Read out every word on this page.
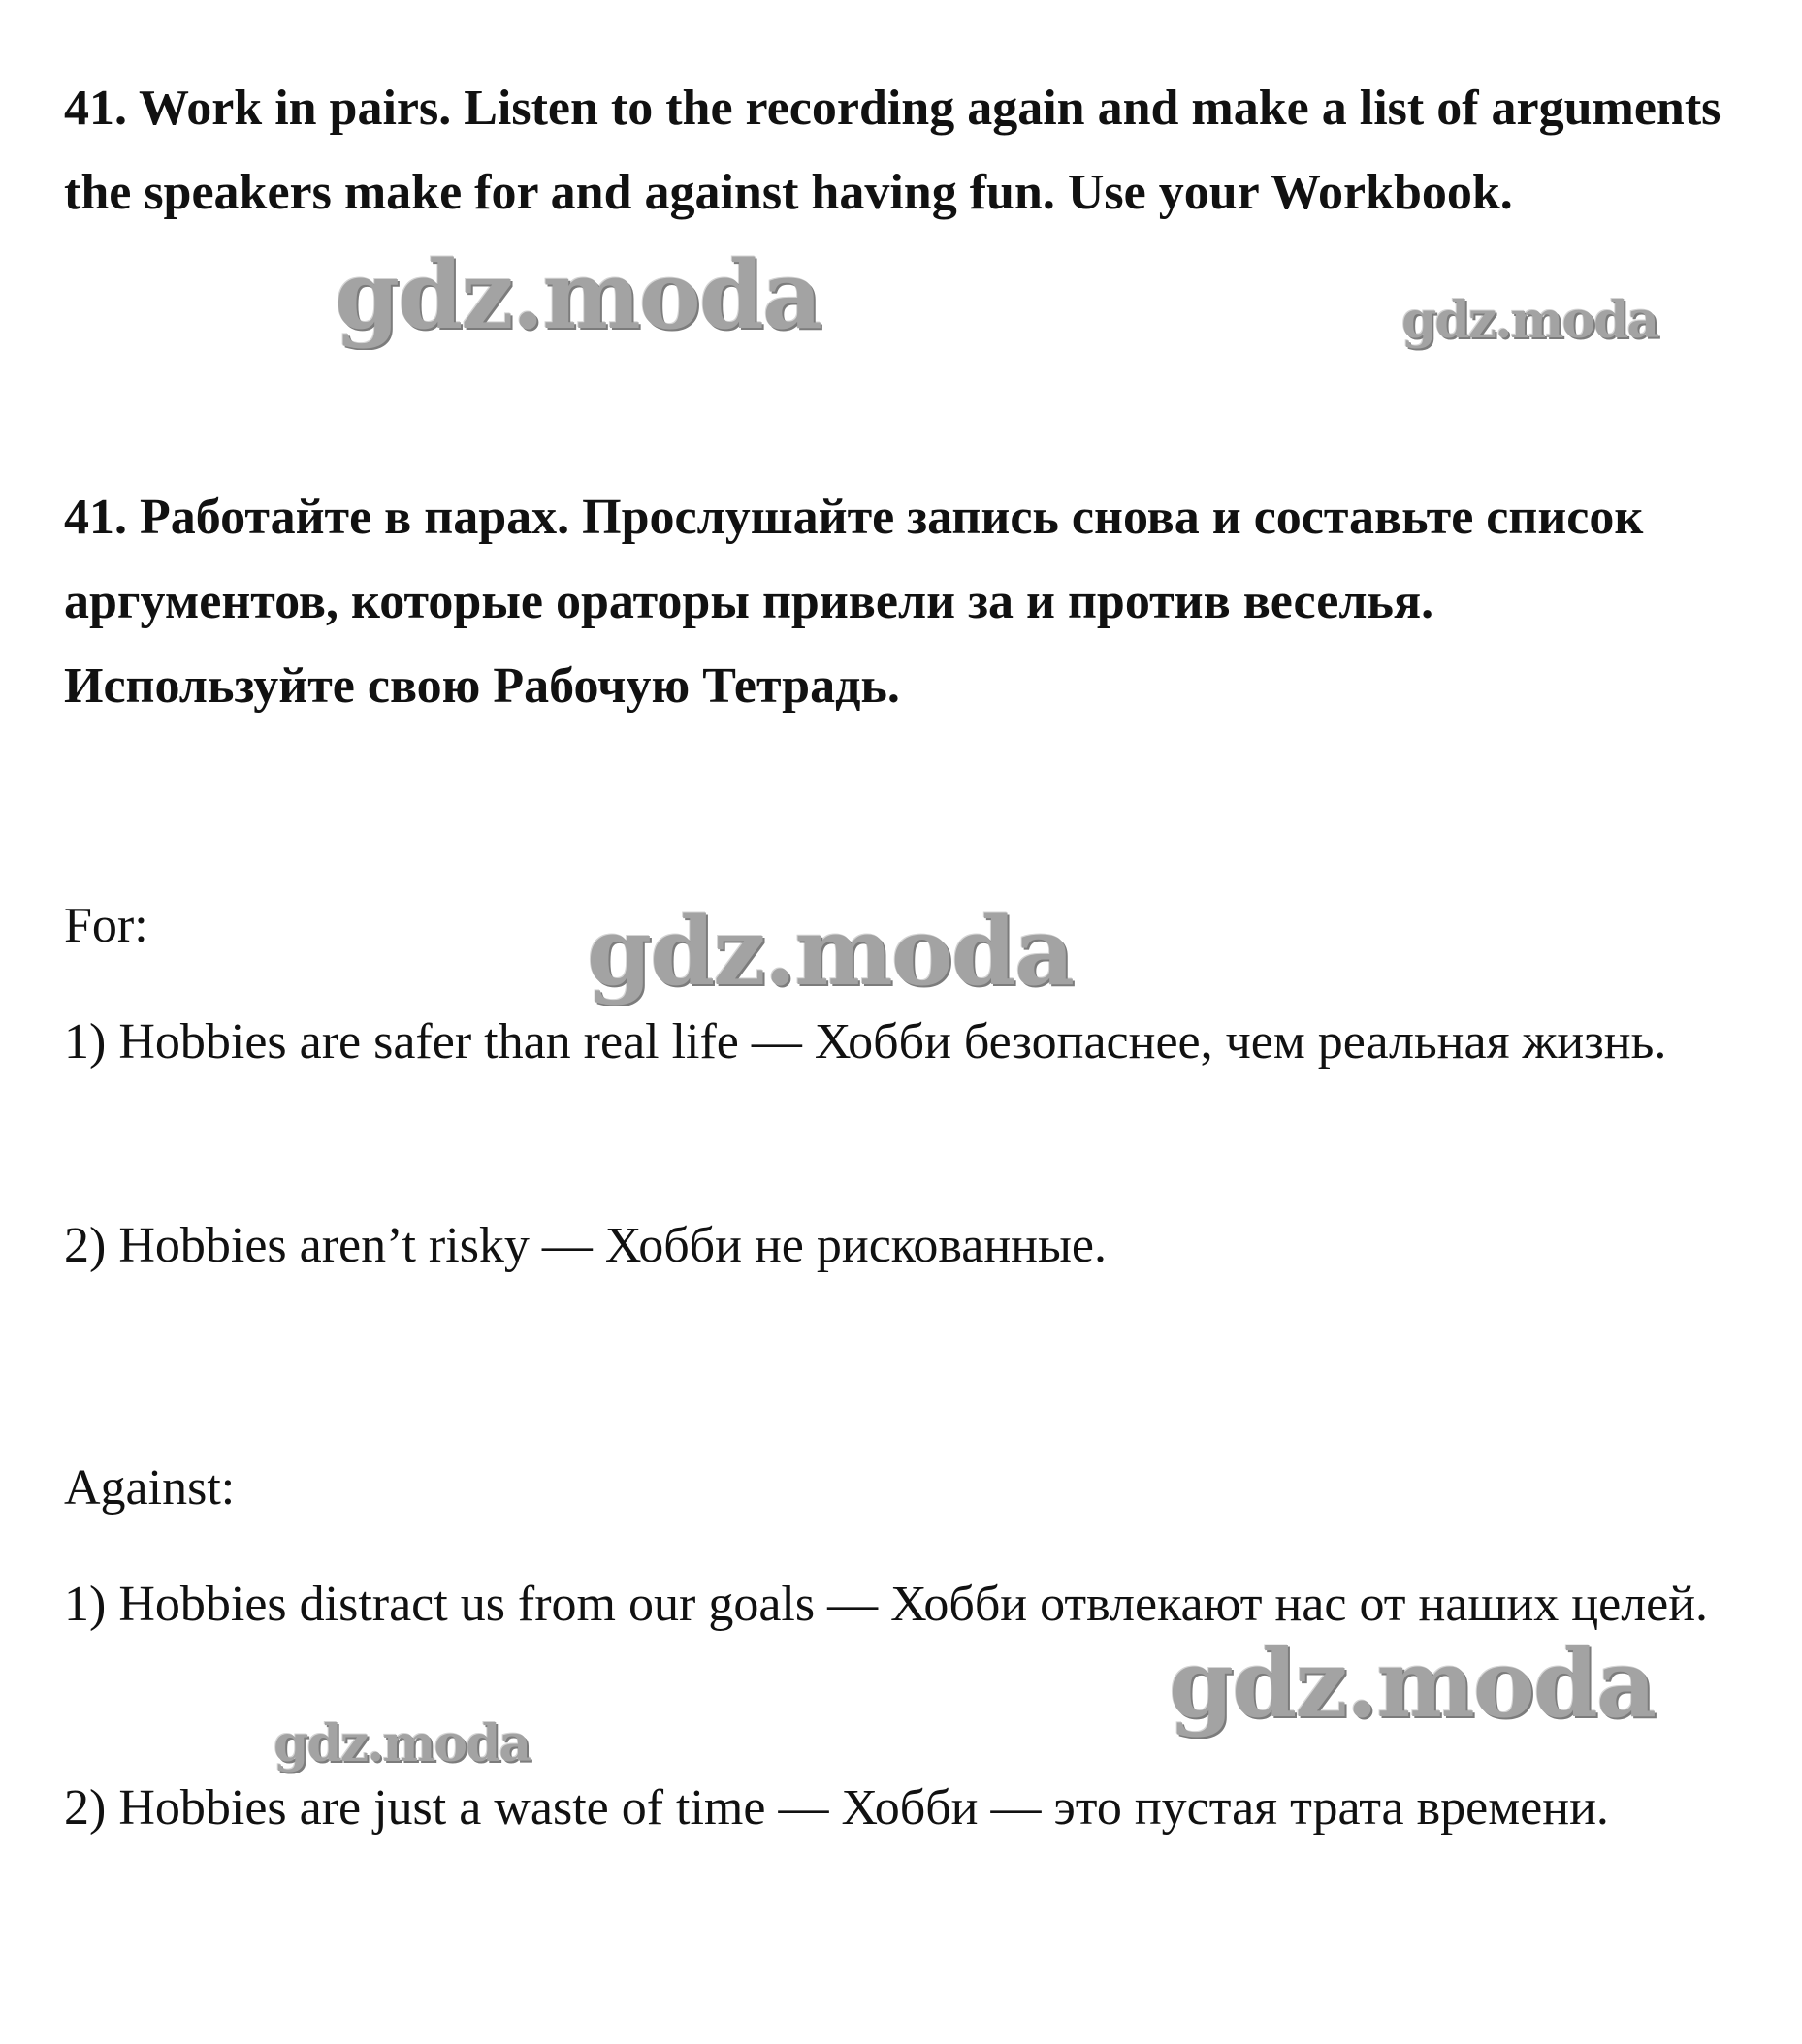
41. Work in pairs. Listen to the recording again and make a list of arguments the speakers make for and against having fun. Use your Workbook.
41. Работайте в парах. Прослушайте запись снова и составьте список аргументов, которые ораторы привели за и против веселья. Используйте свою Рабочую Тетрадь.
For:
1) Hobbies are safer than real life — Хобби безопаснее, чем реальная жизнь.
2) Hobbies aren’t risky — Хобби не рискованные.
Against:
1) Hobbies distract us from our goals — Хобби отвлекают нас от наших целей.
2) Hobbies are just a waste of time — Хобби — это пустая трата времени.
gdz.moda	gdz.moda
gdz.moda
gdz.moda
gdz.moda
